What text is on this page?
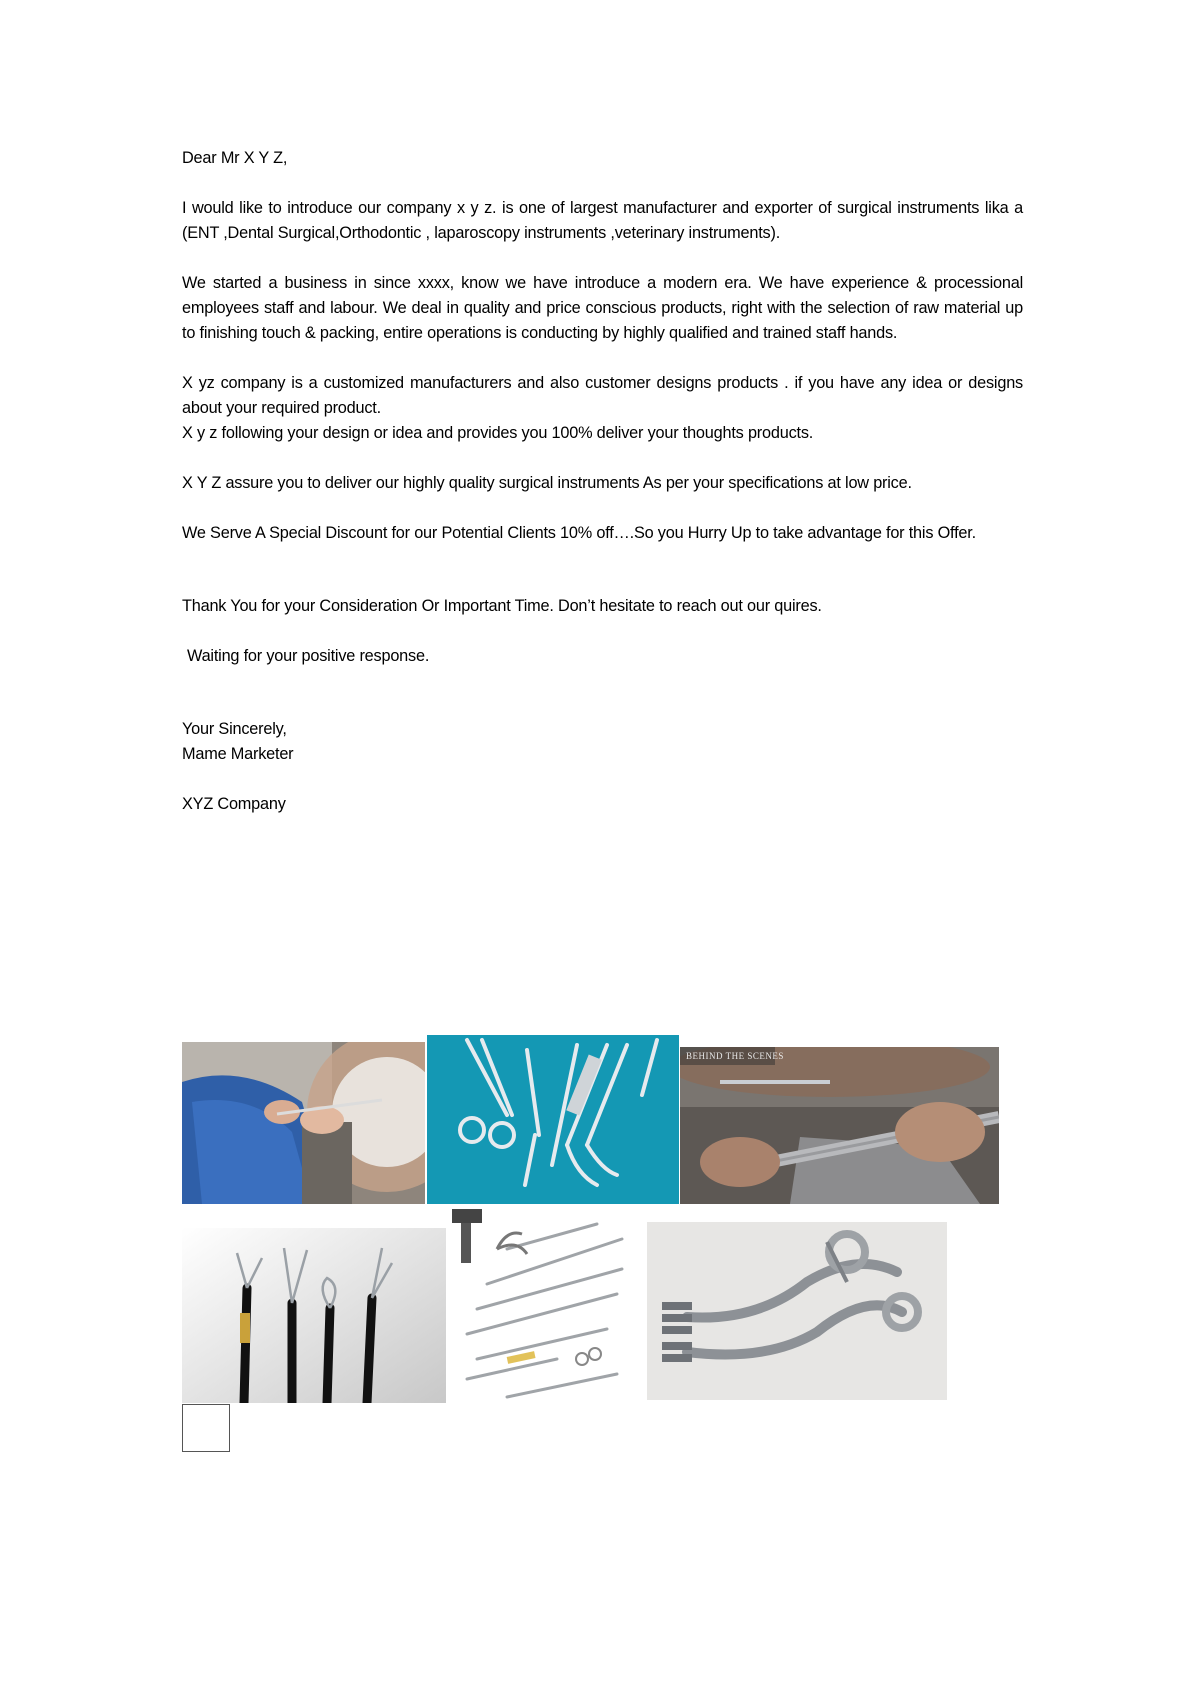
Dear Mr X Y Z,

I would like to introduce our company x y z. is one of largest manufacturer and exporter of surgical instruments lika a (ENT ,Dental Surgical,Orthodontic , laparoscopy instruments ,veterinary instruments).

We started a business in since xxxx, know we have introduce a modern era. We have experience & processional employees staff and labour. We deal in quality and price conscious products, right with the selection of raw material up to finishing touch & packing, entire operations is conducting by highly qualified and trained staff hands.

X yz company is a customized manufacturers and also customer designs products . if you have any idea or designs about your required product.

X y z following your design or idea and provides you 100% deliver your thoughts products.

X Y Z assure you to deliver our highly quality surgical instruments As per your specifications at low price.

We Serve A Special Discount for our Potential Clients 10% off….So you Hurry Up to take advantage for this Offer.

Thank You for your Consideration Or Important Time. Don’t hesitate to reach out our quires.

Waiting for your positive response.

Your Sincerely,

Mame Marketer

XYZ Company

BEHIND THE SCENES
